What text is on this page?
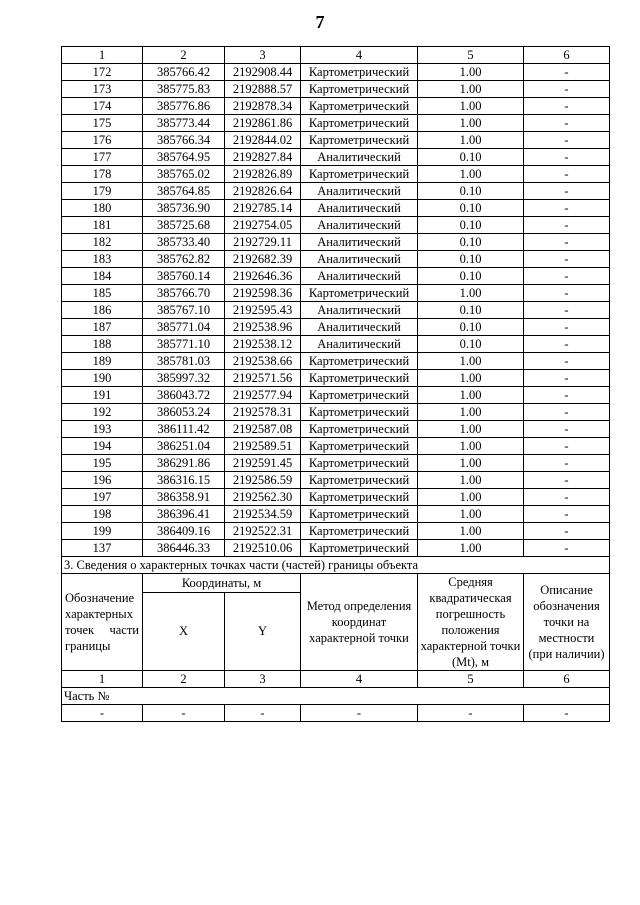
7
1	2	3	4	5	6
172	385766.42	2192908.44	Картометрический	1.00	-
173	385775.83	2192888.57	Картометрический	1.00	-
174	385776.86	2192878.34	Картометрический	1.00	-
175	385773.44	2192861.86	Картометрический	1.00	-
176	385766.34	2192844.02	Картометрический	1.00	-
177	385764.95	2192827.84	Аналитический	0.10	-
178	385765.02	2192826.89	Картометрический	1.00	-
179	385764.85	2192826.64	Аналитический	0.10	-
180	385736.90	2192785.14	Аналитический	0.10	-
181	385725.68	2192754.05	Аналитический	0.10	-
182	385733.40	2192729.11	Аналитический	0.10	-
183	385762.82	2192682.39	Аналитический	0.10	-
184	385760.14	2192646.36	Аналитический	0.10	-
185	385766.70	2192598.36	Картометрический	1.00	-
186	385767.10	2192595.43	Аналитический	0.10	-
187	385771.04	2192538.96	Аналитический	0.10	-
188	385771.10	2192538.12	Аналитический	0.10	-
189	385781.03	2192538.66	Картометрический	1.00	-
190	385997.32	2192571.56	Картометрический	1.00	-
191	386043.72	2192577.94	Картометрический	1.00	-
192	386053.24	2192578.31	Картометрический	1.00	-
193	386111.42	2192587.08	Картометрический	1.00	-
194	386251.04	2192589.51	Картометрический	1.00	-
195	386291.86	2192591.45	Картометрический	1.00	-
196	386316.15	2192586.59	Картометрический	1.00	-
197	386358.91	2192562.30	Картометрический	1.00	-
198	386396.41	2192534.59	Картометрический	1.00	-
199	386409.16	2192522.31	Картометрический	1.00	-
137	386446.33	2192510.06	Картометрический	1.00	-
3. Сведения о характерных точках части (частей) границы объекта					
Обозначение характерных точек части границы	Координаты, м		Метод определения координат характерной точки	Средняя квадратическая погрешность положения характерной точки (Mt), м	Описание обозначения точки на местности (при наличии)
	X	Y			
1	2	3	4	5	6
Часть №					
-	-	-	-	-	-
